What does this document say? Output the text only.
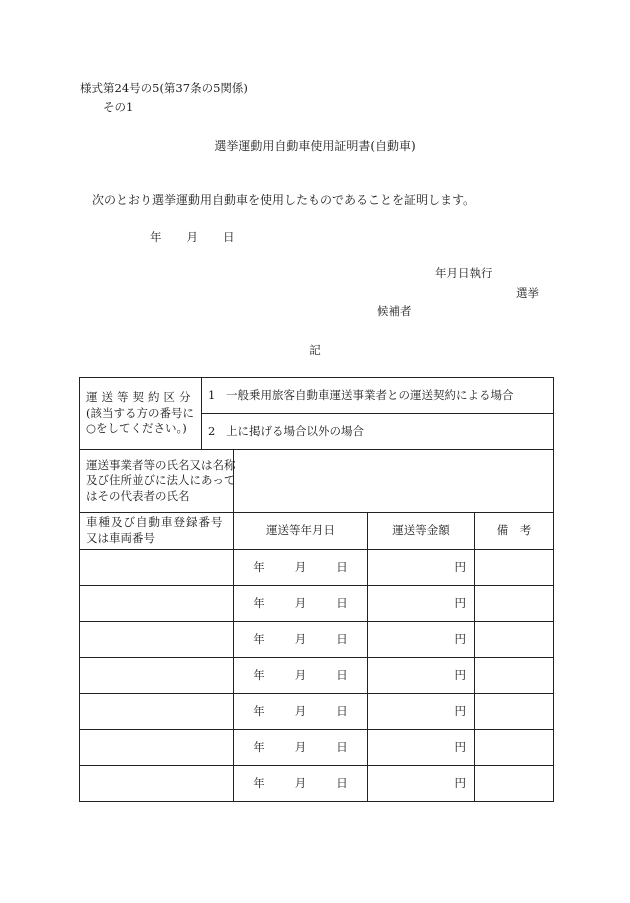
様式第24号の5(第37条の5関係)
その1
選挙運動用自動車使用証明書(自動車)
次のとおり選挙運動用自動車を使用したものであることを証明します。
年 月 日
年月日執行
選挙
候補者
記
運送等契約区分
(該当する方の番号に
○をしてください。)	1 一般乗用旅客自動車運送事業者との運送契約による場合			
	2 上に掲げる場合以外の場合			

運送事業者等の氏名又は名称
及び住所並びに法人にあって
はその代表者の氏名				

車種及び自動車登録番号
又は車両番号		運送等年月日	運送等金額	備　考
		年 月 日	円	
		年 月 日	円	
		年 月 日	円	
		年 月 日	円	
		年 月 日	円	
		年 月 日	円	
		年 月 日	円	
